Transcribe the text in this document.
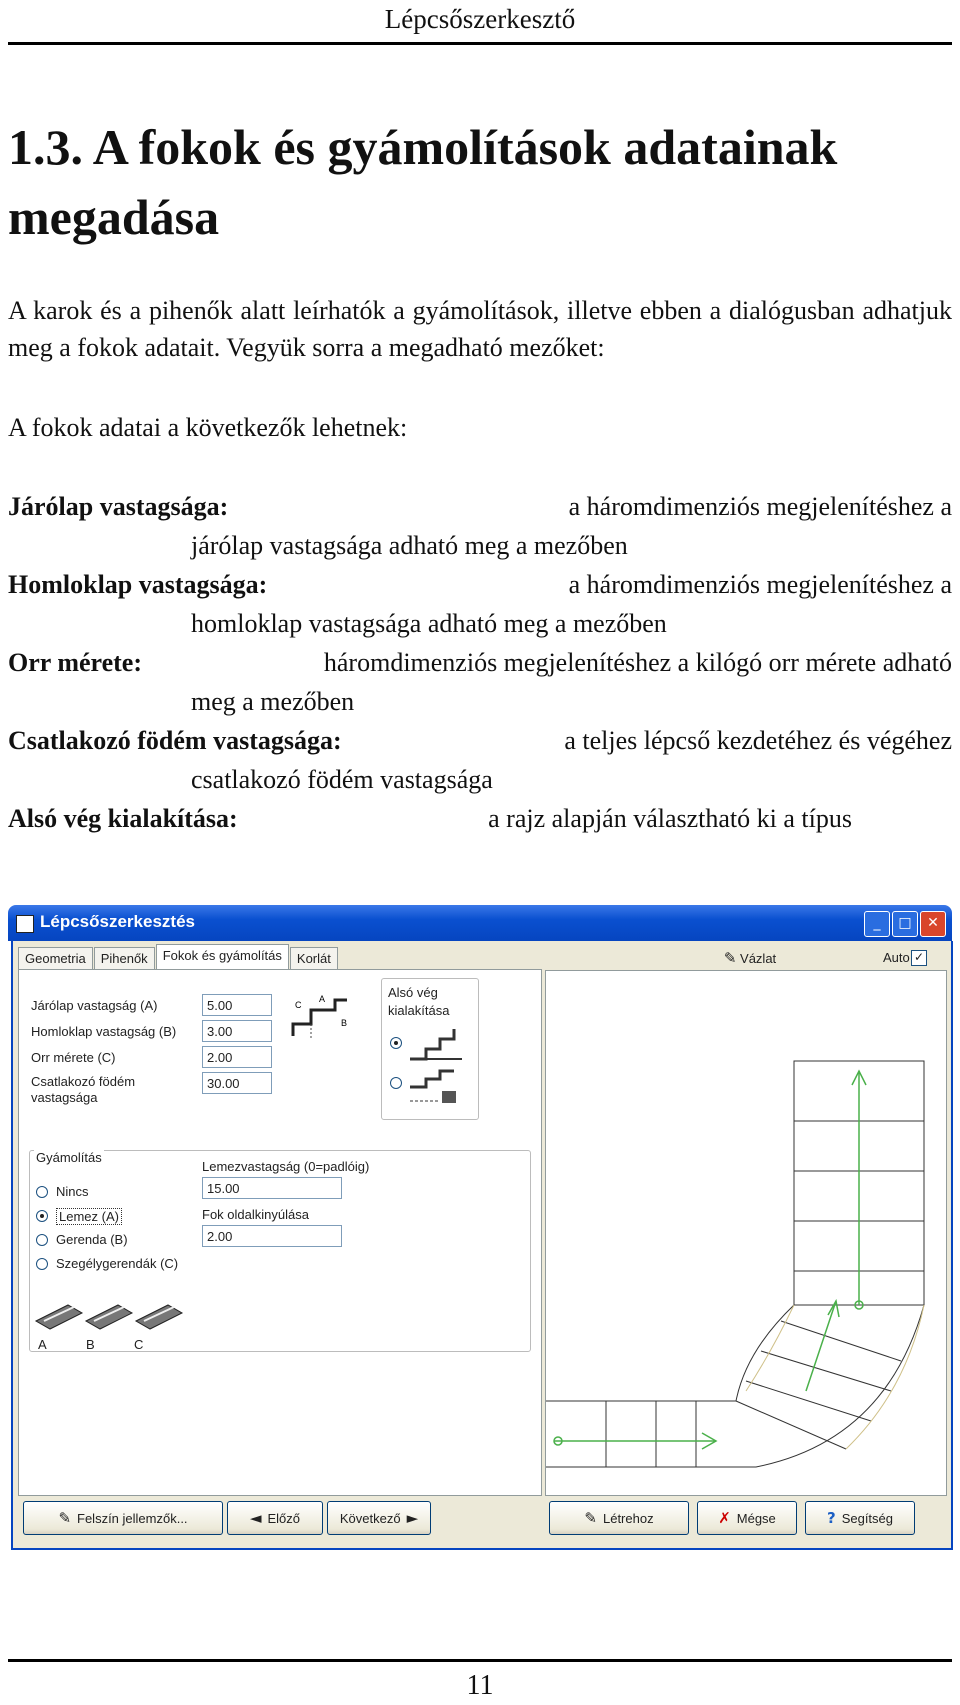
Lépcsőszerkesztő
1.3. A fokok és gyámolítások adatainak megadása

A karok és a pihenők alatt leírhatók a gyámolítások, illetve ebben a dialógusban adhatjuk meg a fokok adatait. Vegyük sorra a megadható mezőket:

A fokok adatai a következők lehetnek:

Járólap vastagsága:	a háromdimenziós megjelenítéshez a
járólap vastagsága adható meg a mezőben
Homloklap vastagsága:	a háromdimenziós megjelenítéshez a
homloklap vastagsága adható meg a mezőben
Orr mérete:	háromdimenziós megjelenítéshez a kilógó orr mérete adható
meg a mezőben
Csatlakozó födém vastagsága:	a teljes lépcső kezdetéhez és végéhez
csatlakozó födém vastagsága
Alsó vég kialakítása:	a rajz alapján választható ki a típus
Lépcsőszerkesztés	_	□	✕
Geometria	Pihenők	Fokok és gyámolítás	Korlát
Járólap vastagság (A)	5.00
Homloklap vastagság (B)	3.00
Orr mérete (C)	2.00
Csatlakozó födém
vastagsága
30.00
C
A
B
Alsó vég
kialakítása
Gyámolítás
Nincs
Lemez (A)
Gerenda (B)
Szegélygerendák (C)
Lemezvastagság (0=padlóig)
15.00
Fok oldalkinyúlása
2.00
A	B	C
✎ Vázlat	Auto ✓
✎ Felszín jellemzők...	◄ Előző	Következő ►	✎ Létrehoz	✗ Mégse	? Segítség
11
